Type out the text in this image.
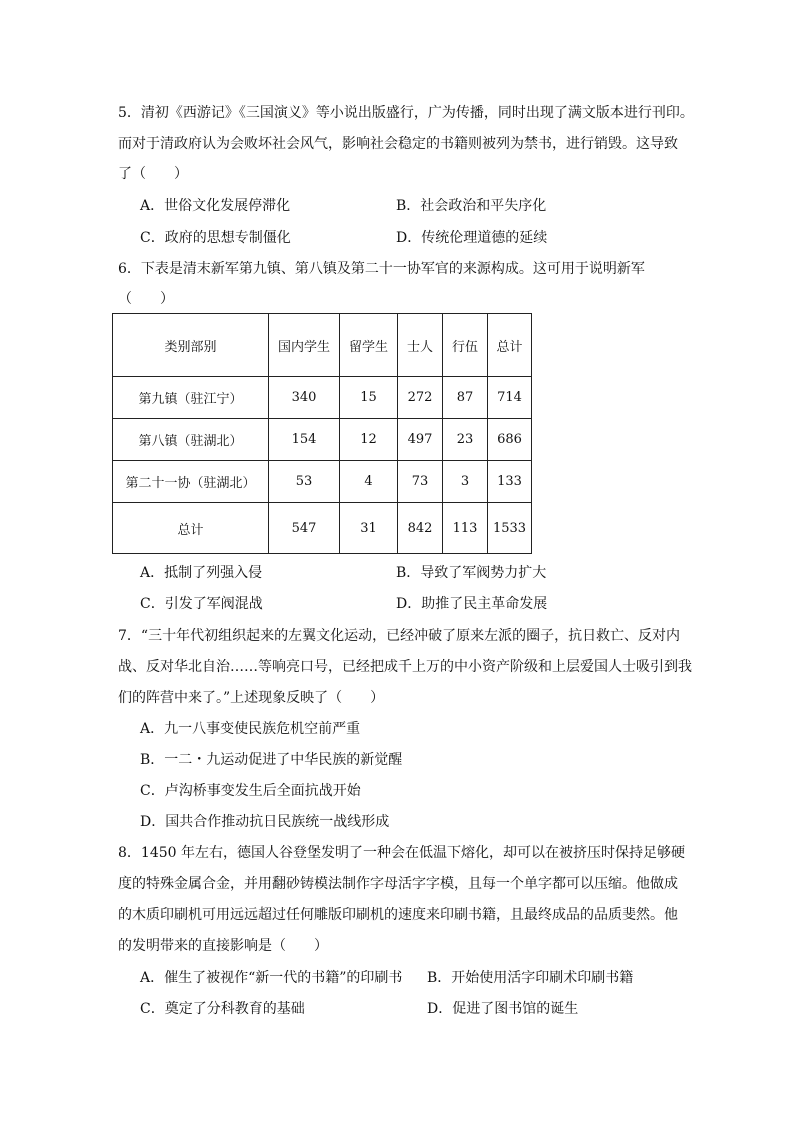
5．清初《西游记》《三国演义》等小说出版盛行，广为传播，同时出现了满文版本进行刊印。
而对于清政府认为会败坏社会风气，影响社会稳定的书籍则被列为禁书，进行销毁。这导致
了（　　）
A．世俗文化发展停滞化	B．社会政治和平失序化
C．政府的思想专制僵化	D．传统伦理道德的延续
6．下表是清末新军第九镇、第八镇及第二十一协军官的来源构成。这可用于说明新军
（　　）
类别部别	国内学生	留学生	士人	行伍	总计
第九镇（驻江宁）	340	15	272	87	714
第八镇（驻湖北）	154	12	497	23	686
第二十一协（驻湖北）	53	4	73	3	133
总计	547	31	842	113	1533
A．抵制了列强入侵	B．导致了军阀势力扩大
C．引发了军阀混战	D．助推了民主革命发展
7．“三十年代初组织起来的左翼文化运动，已经冲破了原来左派的圈子，抗日救亡、反对内
战、反对华北自治……等响亮口号，已经把成千上万的中小资产阶级和上层爱国人士吸引到我
们的阵营中来了。”上述现象反映了（　　）
A．九一八事变使民族危机空前严重
B．一二・九运动促进了中华民族的新觉醒
C．卢沟桥事变发生后全面抗战开始
D．国共合作推动抗日民族统一战线形成
8．1450 年左右，德国人谷登堡发明了一种会在低温下熔化，却可以在被挤压时保持足够硬
度的特殊金属合金，并用翻砂铸模法制作字母活字字模，且每一个单字都可以压缩。他做成
的木质印刷机可用远远超过任何雕版印刷机的速度来印刷书籍，且最终成品的品质斐然。他
的发明带来的直接影响是（　　）
A．催生了被视作“新一代的书籍”的印刷书 B．开始使用活字印刷术印刷书籍
C．奠定了分科教育的基础	D．促进了图书馆的诞生
